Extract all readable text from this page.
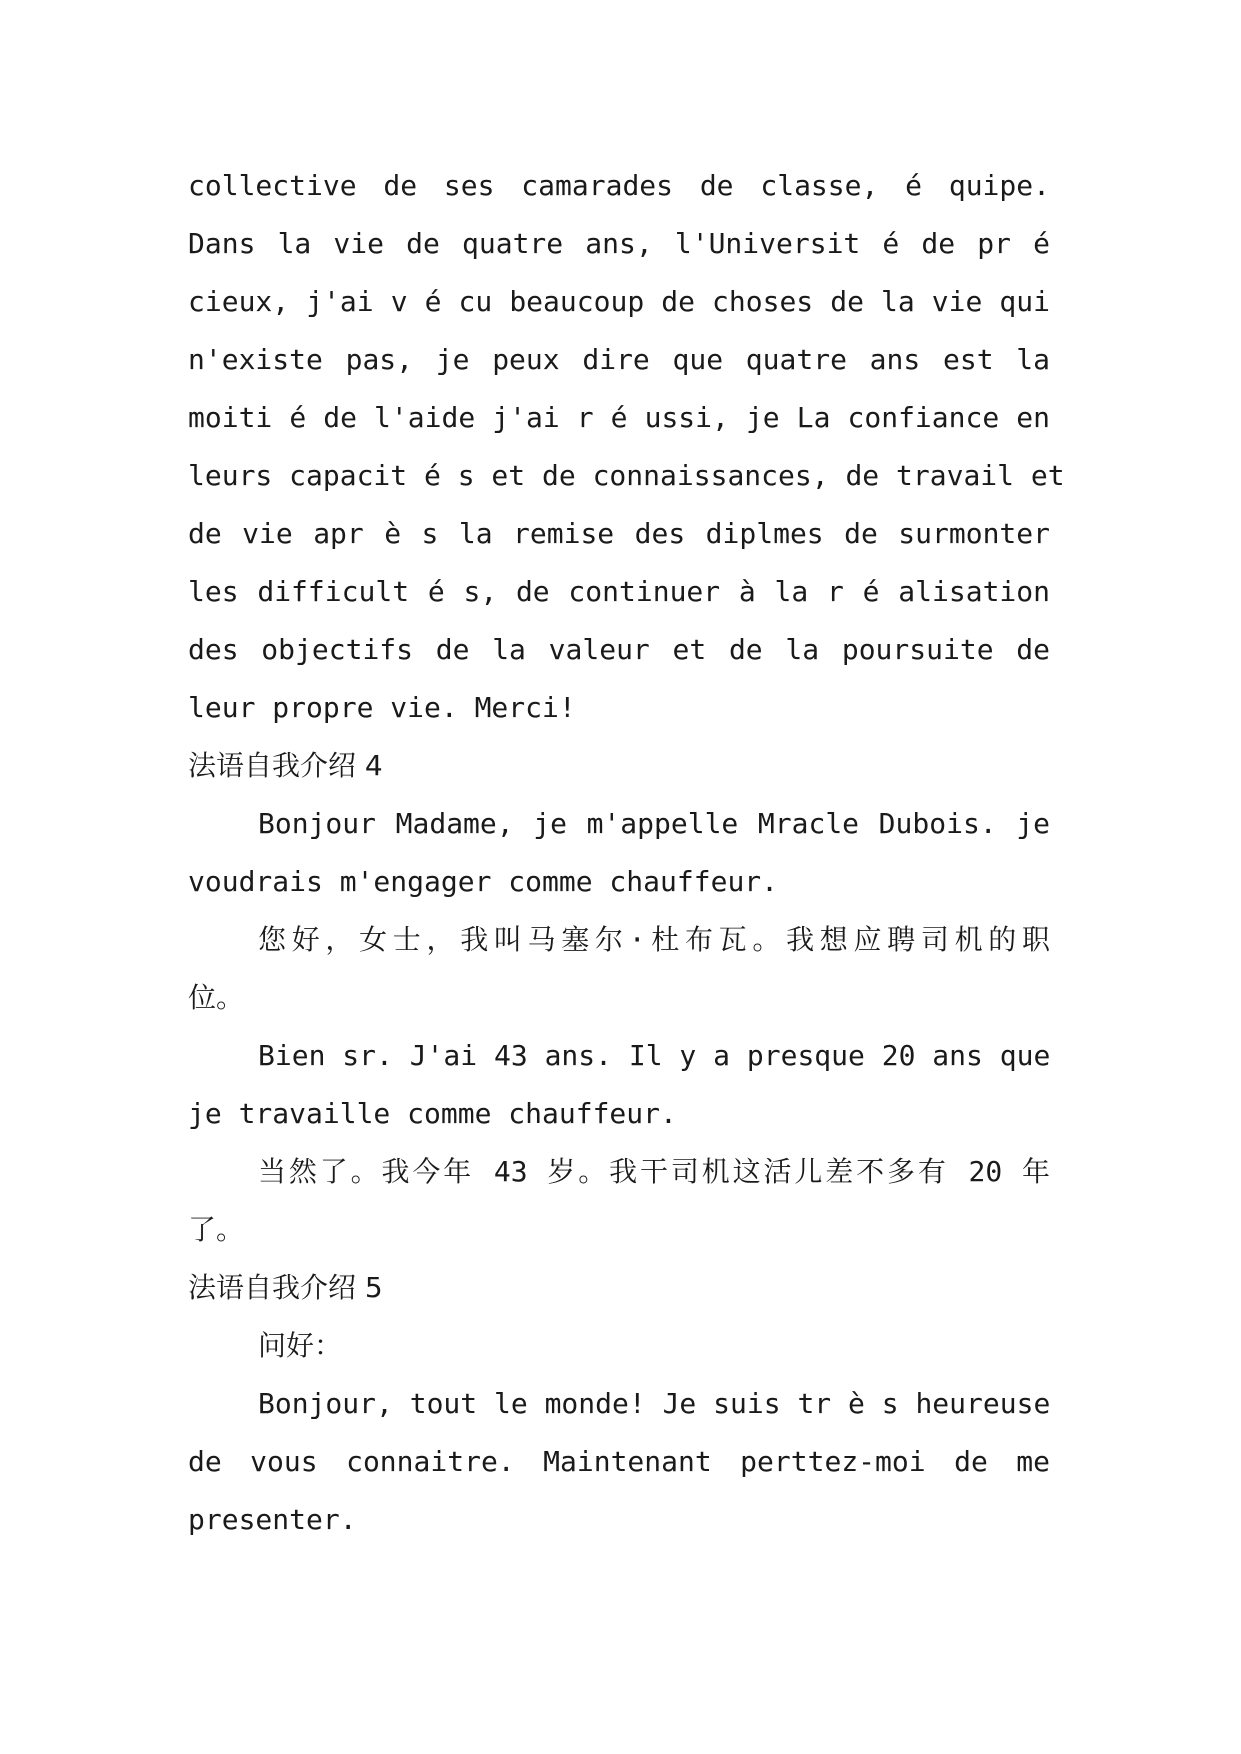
collective de ses camarades de classe, é quipe.
Dans la vie de quatre ans, l'Universit é de pr é
cieux, j'ai v é cu beaucoup de choses de la vie qui
n'existe pas, je peux dire que quatre ans est la
moiti é de l'aide j'ai r é ussi, je La confiance en
leurs capacit é s et de connaissances, de travail et
de vie apr è s la remise des diplmes de surmonter
les difficult é s, de continuer à la r é alisation
des objectifs de la valeur et de la poursuite de
leur propre vie. Merci!
法语自我介绍 4
Bonjour Madame, je m'appelle Mracle Dubois. je
voudrais m'engager comme chauffeur.
您好，女士，我叫马塞尔·杜布瓦。我想应聘司机的职
位。
Bien sr. J'ai 43 ans. Il y a presque 20 ans que
je travaille comme chauffeur.
当然了。我今年 43 岁。我干司机这活儿差不多有 20 年
了。
法语自我介绍 5
问好：
Bonjour, tout le monde! Je suis tr è s heureuse
de vous connaitre. Maintenant perttez-moi de me
presenter.
